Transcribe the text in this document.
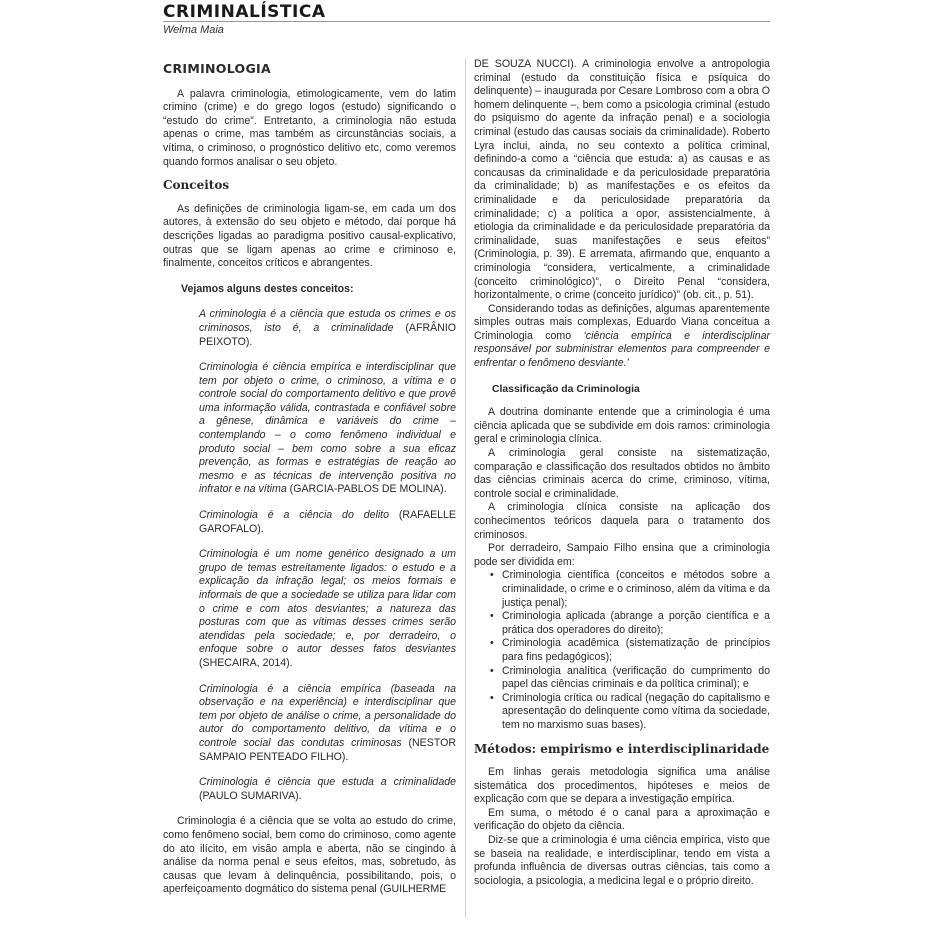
CRIMINALÍSTICA
Welma Maia
CRIMINOLOGIA

A palavra criminologia, etimologicamente, vem do latim crimino (crime) e do grego logos (estudo) significando o “estudo do crime”. Entretanto, a criminologia não estuda apenas o crime, mas também as circunstâncias sociais, a vítima, o criminoso, o prognóstico delitivo etc, como veremos quando formos analisar o seu objeto.

Conceitos

As definições de criminologia ligam-se, em cada um dos autores, à extensão do seu objeto e método, daí porque há descrições ligadas ao paradigma positivo causal-explicativo, outras que se ligam apenas ao crime e criminoso e, finalmente, conceitos críticos e abrangentes.

Vejamos alguns destes conceitos:

A criminologia é a ciência que estuda os crimes e os criminosos, isto é, a criminalidade (AFRÂNIO PEIXOTO).
Criminologia é ciência empírica e interdisciplinar que tem por objeto o crime, o criminoso, a vítima e o controle social do comportamento delitivo e que provê uma informação válida, contrastada e confiável sobre a gênese, dinâmica e variáveis do crime – contemplando – o como fenômeno individual e produto social – bem como sobre a sua eficaz prevenção, as formas e estratégias de reação ao mesmo e as técnicas de intervenção positiva no infrator e na vítima (GARCIA-PABLOS DE MOLINA).
Criminologia é a ciência do delito (RAFAELLE GAROFALO).
Criminologia é um nome genérico designado a um grupo de temas estreitamente ligados: o estudo e a explicação da infração legal; os meios formais e informais de que a sociedade se utiliza para lidar com o crime e com atos desviantes; a natureza das posturas com que as vítimas desses crimes serão atendidas pela sociedade; e, por derradeiro, o enfoque sobre o autor desses fatos desviantes (SHECAIRA, 2014).
Criminologia é a ciência empírica (baseada na observação e na experiência) e interdisciplinar que tem por objeto de análise o crime, a personalidade do autor do comportamento delitivo, da vítima e o controle social das condutas criminosas (NESTOR SAMPAIO PENTEADO FILHO).
Criminologia é ciência que estuda a criminalidade (PAULO SUMARIVA).

Criminologia é a ciência que se volta ao estudo do crime, como fenômeno social, bem como do criminoso, como agente do ato ilícito, em visão ampla e aberta, não se cingindo à análise da norma penal e seus efeitos, mas, sobretudo, às causas que levam à delinquência, possibilitando, pois, o aperfeiçoamento dogmático do sistema penal (GUILHERME

DE SOUZA NUCCI). A criminologia envolve a antropologia criminal (estudo da constituição física e psíquica do delinquente) – inaugurada por Cesare Lombroso com a obra O homem delinquente –, bem como a psicologia criminal (estudo do psiquismo do agente da infração penal) e a sociologia criminal (estudo das causas sociais da criminalidade). Roberto Lyra inclui, ainda, no seu contexto a política criminal, definindo-a como a “ciência que estuda: a) as causas e as concausas da criminalidade e da periculosidade preparatória da criminalidade; b) as manifestações e os efeitos da criminalidade e da periculosidade preparatória da criminalidade; c) a política a opor, assistencialmente, à etiologia da criminalidade e da periculosidade preparatória da criminalidade, suas manifestações e seus efeitos” (Criminologia, p. 39). E arremata, afirmando que, enquanto a criminologia “considera, verticalmente, a criminalidade (conceito criminológico)”, o Direito Penal “considera, horizontalmente, o crime (conceito jurídico)” (ob. cit., p. 51).

Considerando todas as definições, algumas aparentemente simples outras mais complexas, Eduardo Viana conceitua a Criminologia como ‘ciência empírica e interdisciplinar responsável por subministrar elementos para compreender e enfrentar o fenômeno desviante.’

Classificação da Criminologia

A doutrina dominante entende que a criminologia é uma ciência aplicada que se subdivide em dois ramos: criminologia geral e criminologia clínica.

A criminologia geral consiste na sistematização, comparação e classificação dos resultados obtidos no âmbito das ciências criminais acerca do crime, criminoso, vítima, controle social e criminalidade.

A criminologia clínica consiste na aplicação dos conhecimentos teóricos daquela para o tratamento dos criminosos.

Por derradeiro, Sampaio Filho ensina que a criminologia pode ser dividida em:

• Criminologia científica (conceitos e métodos sobre a criminalidade, o crime e o criminoso, além da vítima e da justiça penal);
• Criminologia aplicada (abrange a porção científica e a prática dos operadores do direito);
• Criminologia acadêmica (sistematização de princípios para fins pedagógicos);
• Criminologia analítica (verificação do cumprimento do papel das ciências criminais e da política criminal); e
• Criminologia crítica ou radical (negação do capitalismo e apresentação do delinquente como vítima da sociedade, tem no marxismo suas bases).
Métodos: empirismo e interdisciplinaridade

Em linhas gerais metodologia significa uma análise sistemática dos procedimentos, hipóteses e meios de explicação com que se depara a investigação empírica.

Em suma, o método é o canal para a aproximação e verificação do objeto da ciência.

Diz-se que a criminologia é uma ciência empírica, visto que se baseia na realidade, e interdisciplinar, tendo em vista a profunda influência de diversas outras ciências, tais como a sociologia, a psicologia, a medicina legal e o próprio direito.
